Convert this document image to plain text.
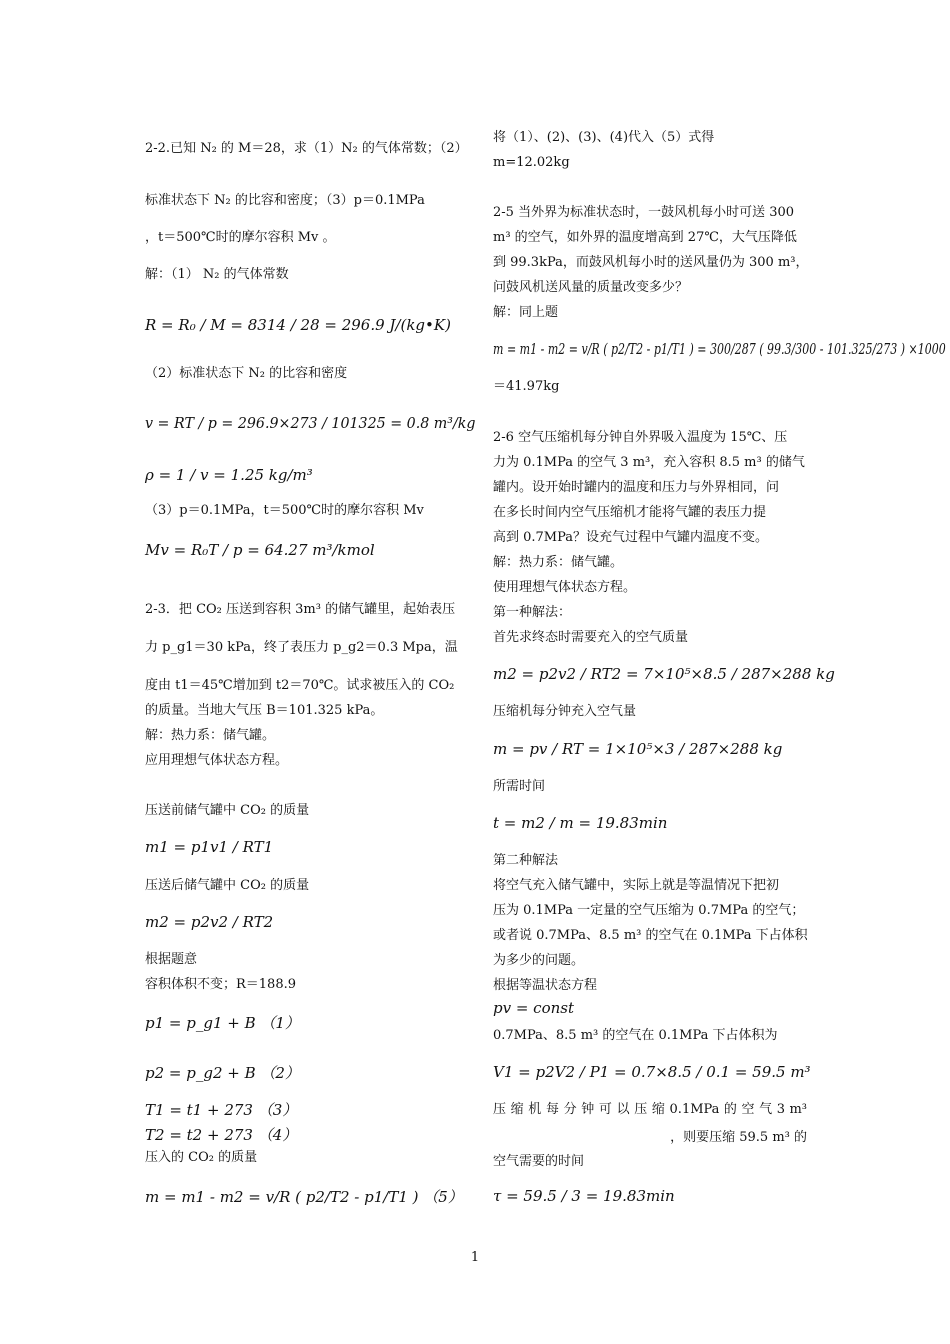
2-2.已知 N₂ 的 M＝28，求（1）N₂ 的气体常数；（2）
标准状态下 N₂ 的比容和密度；（3）p＝0.1MPa
，t＝500℃时的摩尔容积 Mv 。
解：（1） N₂ 的气体常数
R = R₀ / M = 8314 / 28 = 296.9 J/(kg•K)
（2）标准状态下 N₂ 的比容和密度
v = RT / p = 296.9×273 / 101325 = 0.8 m³/kg
ρ = 1 / v = 1.25 kg/m³
（3）p＝0.1MPa，t＝500℃时的摩尔容积 Mv
Mv = R₀T / p = 64.27 m³/kmol
2-3．把 CO₂ 压送到容积 3m³ 的储气罐里，起始表压
力 p_g1＝30 kPa，终了表压力 p_g2＝0.3 Mpa，温
度由 t1＝45℃增加到 t2＝70℃。试求被压入的 CO₂
的质量。当地大气压 B＝101.325 kPa。
解：热力系：储气罐。
应用理想气体状态方程。
压送前储气罐中 CO₂ 的质量
m1 = p1v1 / RT1
压送后储气罐中 CO₂ 的质量
m2 = p2v2 / RT2
根据题意
容积体积不变；R＝188.9
p1 = p_g1 + B （1）
p2 = p_g2 + B （2）
T1 = t1 + 273 （3）
T2 = t2 + 273 （4）
压入的 CO₂ 的质量
m = m1 - m2 = v/R ( p2/T2 - p1/T1 ) （5）
将（1）、(2)、(3)、(4)代入（5）式得
m=12.02kg
2-5 当外界为标准状态时，一鼓风机每小时可送 300
m³ 的空气，如外界的温度增高到 27℃，大气压降低
到 99.3kPa，而鼓风机每小时的送风量仍为 300 m³，
问鼓风机送风量的质量改变多少？
解：同上题
m = m1 - m2 = v/R ( p2/T2 - p1/T1 ) = 300/287 ( 99.3/300 - 101.325/273 ) ×1000
＝41.97kg
2-6 空气压缩机每分钟自外界吸入温度为 15℃、压
力为 0.1MPa 的空气 3 m³，充入容积 8.5 m³ 的储气
罐内。设开始时罐内的温度和压力与外界相同，问
在多长时间内空气压缩机才能将气罐的表压力提
高到 0.7MPa？设充气过程中气罐内温度不变。
解：热力系：储气罐。
使用理想气体状态方程。
第一种解法：
首先求终态时需要充入的空气质量
m2 = p2v2 / RT2 = 7×10⁵×8.5 / 287×288 kg
压缩机每分钟充入空气量
m = pv / RT = 1×10⁵×3 / 287×288 kg
所需时间
t = m2 / m = 19.83min
第二种解法
将空气充入储气罐中，实际上就是等温情况下把初
压为 0.1MPa 一定量的空气压缩为 0.7MPa 的空气；
或者说 0.7MPa、8.5 m³ 的空气在 0.1MPa 下占体积
为多少的问题。
根据等温状态方程
pv = const
0.7MPa、8.5 m³ 的空气在 0.1MPa 下占体积为
V1 = p2V2 / P1 = 0.7×8.5 / 0.1 = 59.5 m³
压 缩 机 每 分 钟 可 以 压 缩 0.1MPa 的 空 气 3 m³
，则要压缩 59.5 m³ 的
空气需要的时间
τ = 59.5 / 3 = 19.83min
1
